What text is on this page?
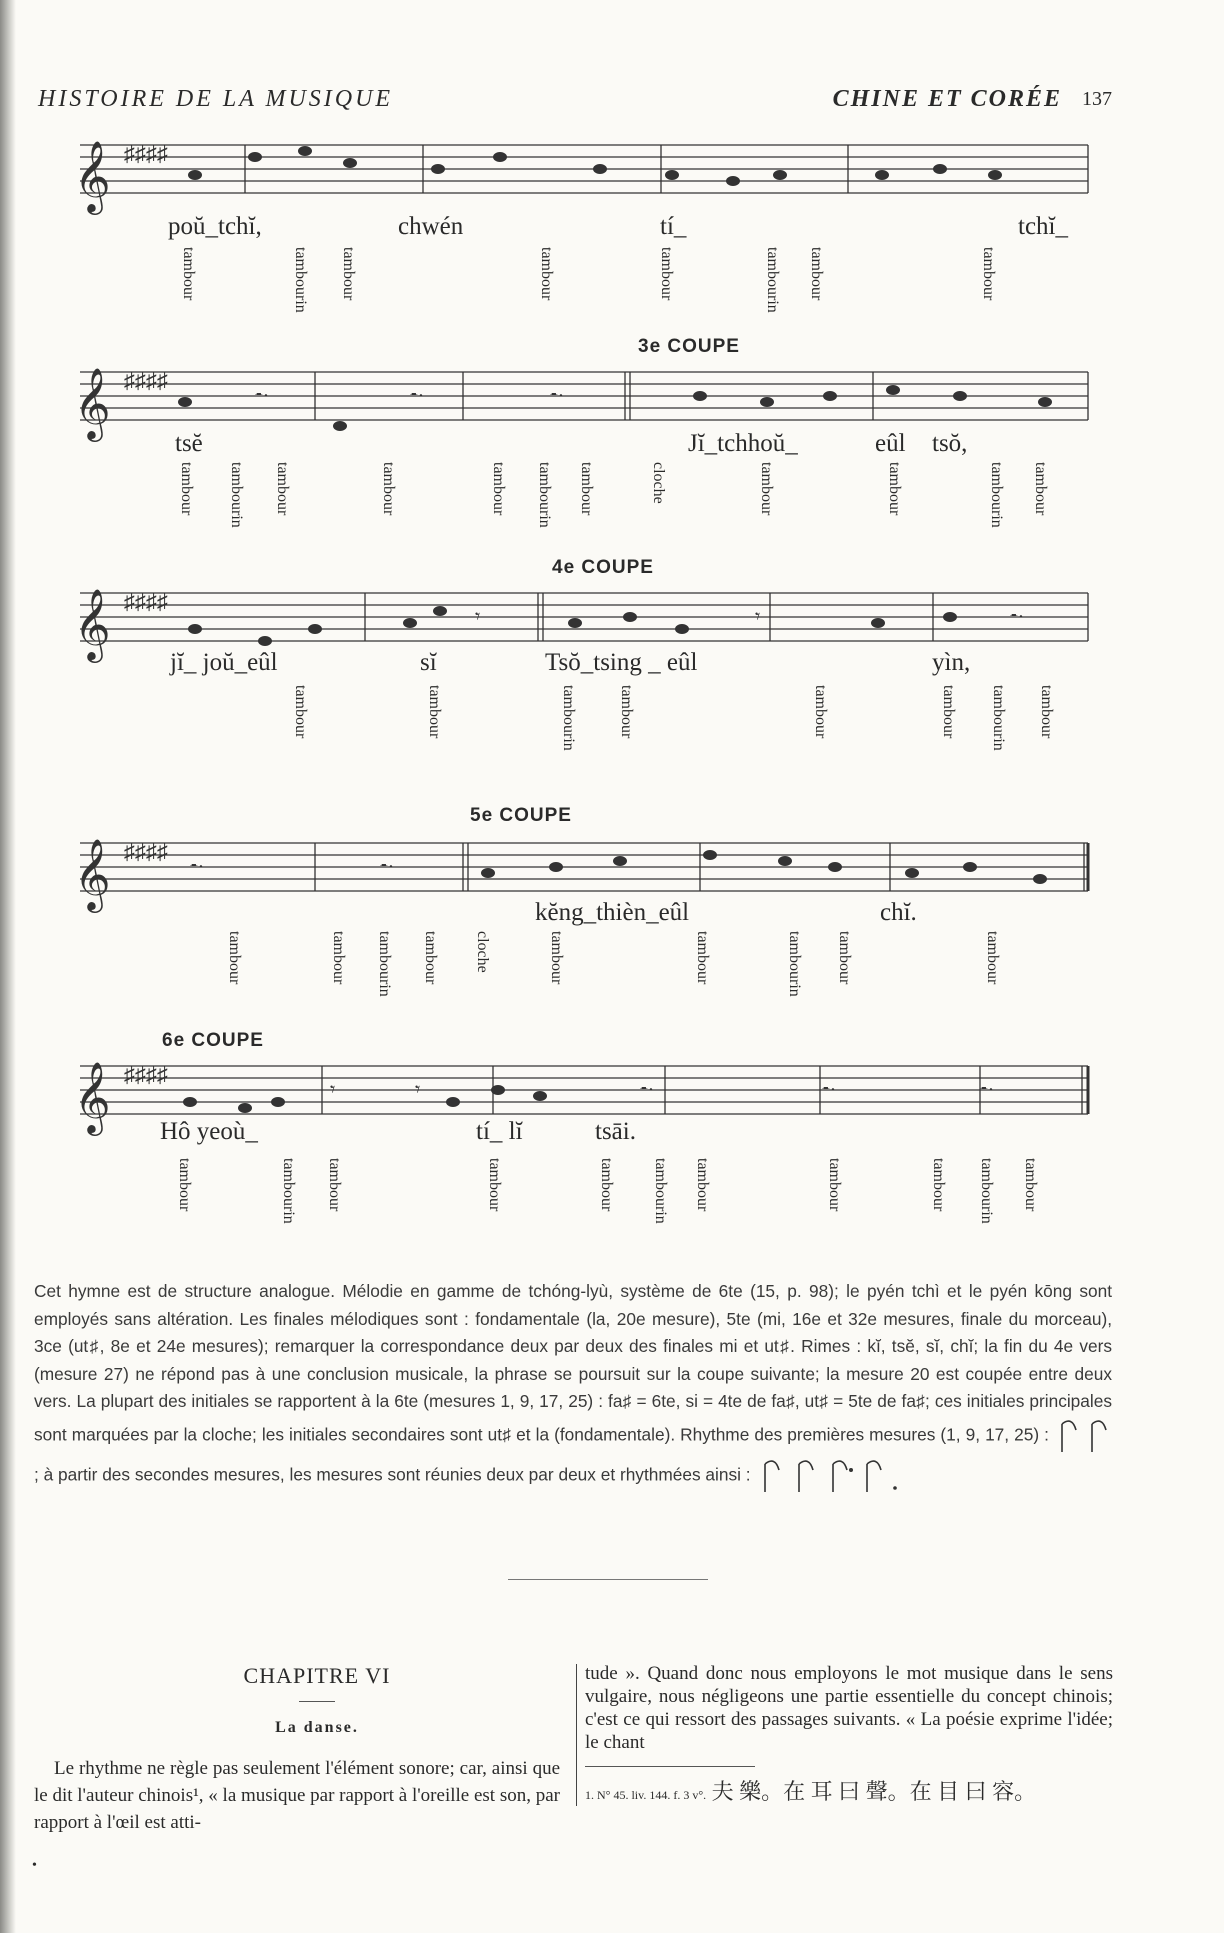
HISTOIRE DE LA MUSIQUE	CHINE ET CORÉE	137
𝄞 ♯♯♯♯
poŭ_tchĭ,	chwén	tí_	tchĭ_
tambour	tambourin tambour	tambour	tambour	tambourin tambour	tambour
3e COUPE
𝄞 ♯♯♯♯
𝄼·	𝄼·	𝄼·
tsĕ	Jĭ_tchhoŭ_	eûl tsŏ,
tambour tambourin tambour	tambour	tambour tambourin tambour	cloche	tambour	tambour	tambourin tambour
4e COUPE
𝄞 ♯♯♯♯
𝄾	𝄾	𝄼·
jĭ_ joŭ_eûl	sĭ	Tsŏ_tsing _ eûl	yìn,
tambour	tambour	tambourin	tambour	tambour	tambour tambourin tambour
5e COUPE
𝄞 ♯♯♯♯
𝄼·	𝄼·
kĕng_thièn_eûl	chĭ.
tambour	tambour tambourin tambour cloche	tambour	tambour	tambourin tambour	tambour
6e COUPE
𝄞 ♯♯♯♯
𝄾	𝄾	𝄼·	𝄼·	𝄼·
Hô yeoù_	tí_ lĭ	tsāi.
tambour	tambourin tambour	tambour	tambour tambourin tambour	tambour	tambour tambourin tambour

Cet hymne est de structure analogue. Mélodie en gamme de tchóng-lyù, système de 6te (15, p. 98); le pyén tchì et le pyén kōng sont employés sans altération. Les finales mélodiques sont : fondamentale (la, 20e mesure), 5te (mi, 16e et 32e mesures, finale du morceau), 3ce (ut♯, 8e et 24e mesures); remarquer la correspondance deux par deux des finales mi et ut♯. Rimes : kĭ, tsĕ, sĭ, chĭ; la fin du 4e vers (mesure 27) ne répond pas à une conclusion musicale, la phrase se poursuit sur la coupe suivante; la mesure 20 est coupée entre deux vers. La plupart des initiales se rapportent à la 6te (mesures 1, 9, 17, 25) : fa♯ = 6te, si = 4te de fa♯, ut♯ = 5te de fa♯; ces initiales principales sont marquées par la cloche; les initiales secondaires sont ut♯ et la (fondamentale). Rhythme des premières mesures (1, 9, 17, 25) :  ; à partir des secondes mesures, les mesures sont réunies deux par deux et rhythmées ainsi :

CHAPITRE VI
La danse.

Le rhythme ne règle pas seulement l'élément sonore; car, ainsi que le dit l'auteur chinois¹, « la musique par rapport à l'oreille est son, par rapport à l'œil est atti-

tude ». Quand donc nous employons le mot musique dans le sens vulgaire, nous négligeons une partie essentielle du concept chinois; c'est ce qui ressort des passages suivants. « La poésie exprime l'idée; le chant

1. N° 45. liv. 144. f. 3 v°. 夫 樂。在 耳 曰 聲。在 目 曰 容。
•
